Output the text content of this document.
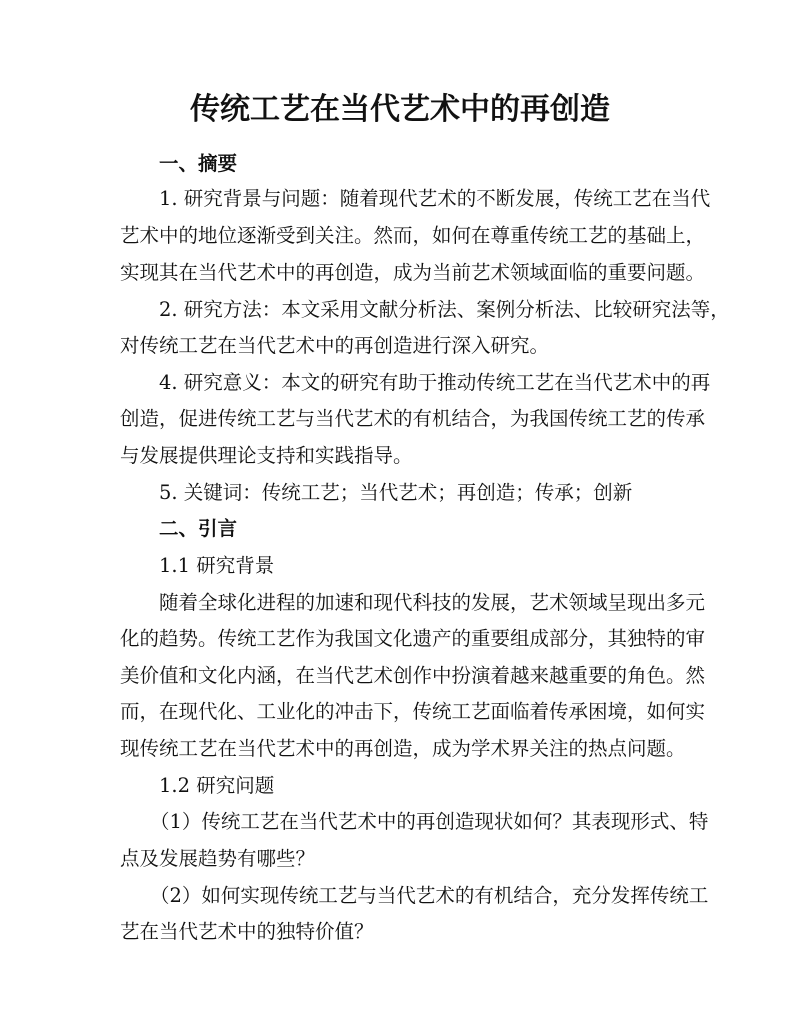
传统工艺在当代艺术中的再创造
一、摘要
1. 研究背景与问题：随着现代艺术的不断发展，传统工艺在当代
艺术中的地位逐渐受到关注。然而，如何在尊重传统工艺的基础上，
实现其在当代艺术中的再创造，成为当前艺术领域面临的重要问题。
2. 研究方法：本文采用文献分析法、案例分析法、比较研究法等，
对传统工艺在当代艺术中的再创造进行深入研究。
4. 研究意义：本文的研究有助于推动传统工艺在当代艺术中的再
创造，促进传统工艺与当代艺术的有机结合，为我国传统工艺的传承
与发展提供理论支持和实践指导。
5. 关键词：传统工艺；当代艺术；再创造；传承；创新
二、引言
1.1 研究背景
随着全球化进程的加速和现代科技的发展，艺术领域呈现出多元
化的趋势。传统工艺作为我国文化遗产的重要组成部分，其独特的审
美价值和文化内涵，在当代艺术创作中扮演着越来越重要的角色。然
而，在现代化、工业化的冲击下，传统工艺面临着传承困境，如何实
现传统工艺在当代艺术中的再创造，成为学术界关注的热点问题。
1.2 研究问题
（1）传统工艺在当代艺术中的再创造现状如何？其表现形式、特
点及发展趋势有哪些？
（2）如何实现传统工艺与当代艺术的有机结合，充分发挥传统工
艺在当代艺术中的独特价值？
